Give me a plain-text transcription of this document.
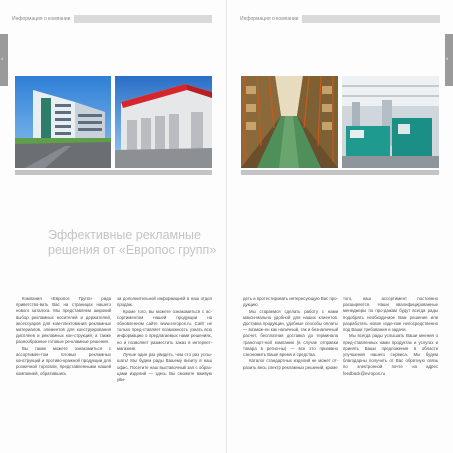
Информация о компании	Информация о компании
4	5
Эффективные рекламные решения от «Европос групп»

Компания «Европос Групп» рада приветство-вать Вас на страницах нашего нового каталога. Мы представляем широкий выбор рекламных носителей и держателей, аксессуаров для ком-плектования рекламных материалов, элементов для конструирования дисплеев и рекламных кон-струкций, а также разнообразные готовые ре-кламные решения.

Вы также можете ознакомиться с ассортимен-том готовых рекламных конструкций и противо-кражной продукции для розничной торговли, представленными нашей компанией, обратившись

за дополнительной информацией в наш отдел продаж.

Кроме того, вы можете ознакомиться с ас-сортиментом нашей продукции на обновленном сайте www.evropos.ru. Сайт не только пред-ставляет возможность узнать всю информацию о предлагаемых нами решениях, но и позволяет разместить заказ в интернет-магазине.

Лучше один раз увидеть, чем сто раз услы-шать! Мы будем рады Вашему визиту в наш офис. Посетите наш выставочный зал с образ-цами изделий — здесь Вы сможете вживую уви-

деть и протестировать интересующую Вас про-дукцию.

Мы стараемся сделать работу с нами макси-мально удобной для наших клиентов. Доставка продукции, удобные способы оплаты — возмож-ен как наличный, так и безналичный расчет, бесплатная доставка до терминала транспорт-ной компании (в случае отправки товара в регио-ны) — все это призвано сэкономить Ваше время и средства.

Каталог стандартных изделий не может от-разить весь спектр рекламных решений, кроме

того, наш ассортимент постоянно расширяется. Наши квалифицированные менеджеры по про-дажам будут всегда рады подобрать необходи-мое Вам решение или разработать новое изде-лие непосредственно под Ваши требования и задачи.

Мы всегда рады услышать Ваши мнения о пред-ставленных нами продуктах и услугах и принять Ваши предложения в области улучшения нашего сервиса. Мы будем благодарны получить от Вас обратную связь по электронной почте на адрес feedback@evropos.ru
